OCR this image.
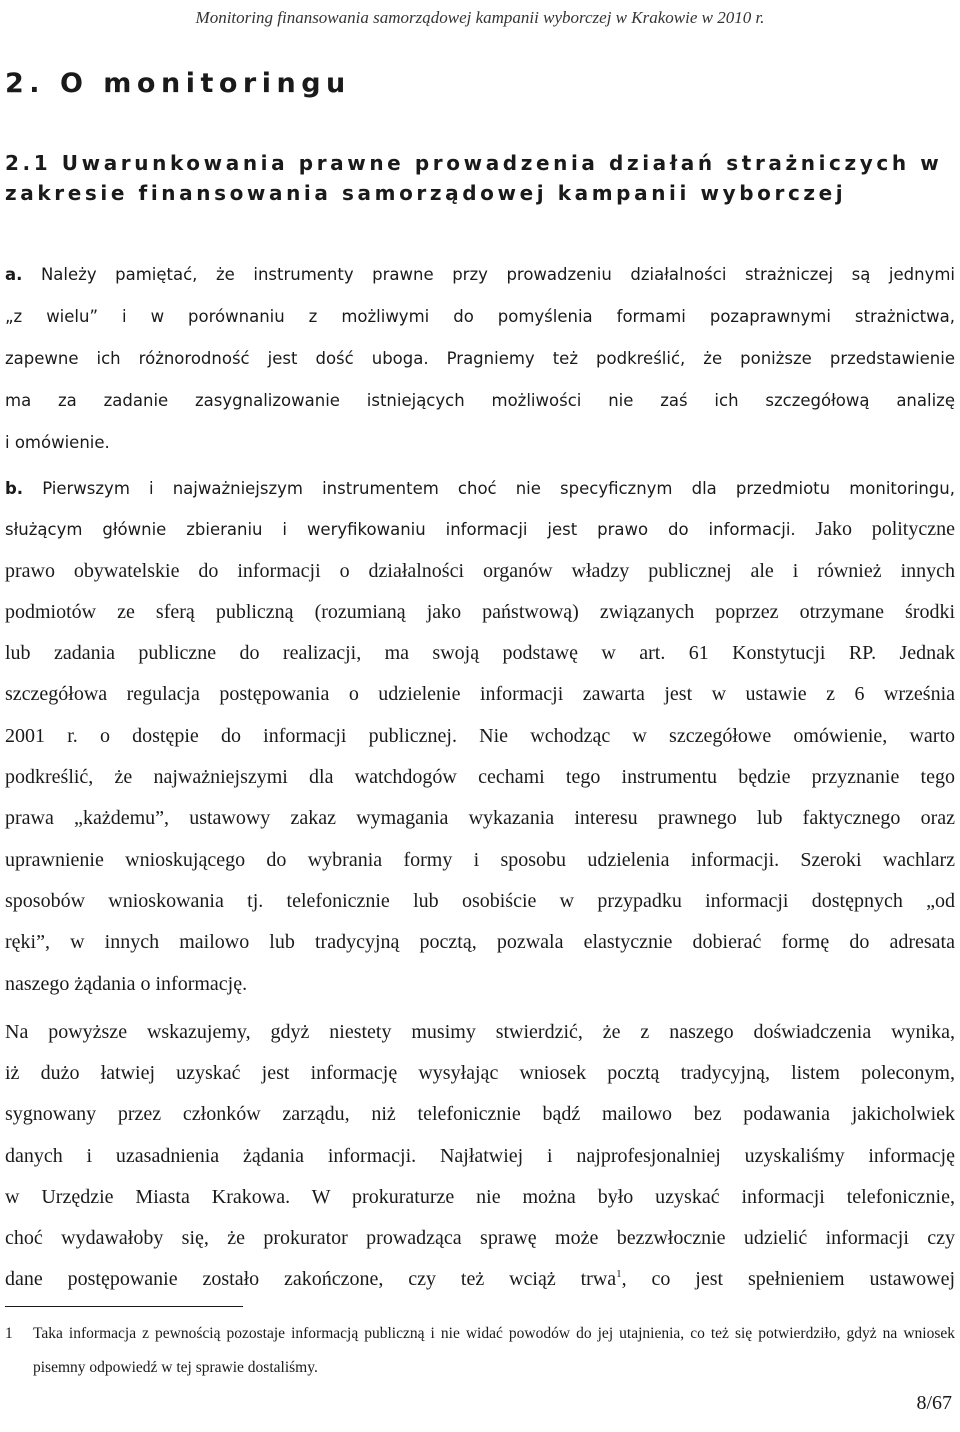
Monitoring finansowania samorządowej kampanii wyborczej w Krakowie w 2010 r.
2. O monitoringu
2.1 Uwarunkowania prawne prowadzenia działań strażniczych w zakresie finansowania samorządowej kampanii wyborczej
a. Należy pamiętać, że instrumenty prawne przy prowadzeniu działalności strażniczej są jednymi
„z wielu” i w porównaniu z możliwymi do pomyślenia formami pozaprawnymi strażnictwa,
zapewne ich różnorodność jest dość uboga. Pragniemy też podkreślić, że poniższe przedstawienie
ma za zadanie zasygnalizowanie istniejących możliwości nie zaś ich szczegółową analizę
i omówienie.
b. Pierwszym i najważniejszym instrumentem choć nie specyficznym dla przedmiotu monitoringu,
służącym głównie zbieraniu i weryfikowaniu informacji jest prawo do informacji. Jako polityczne
prawo obywatelskie do informacji o działalności organów władzy publicznej ale i również innych
podmiotów ze sferą publiczną (rozumianą jako państwową) związanych poprzez otrzymane środki
lub zadania publiczne do realizacji, ma swoją podstawę w art. 61 Konstytucji RP. Jednak
szczegółowa regulacja postępowania o udzielenie informacji zawarta jest w ustawie z 6 września
2001 r. o dostępie do informacji publicznej. Nie wchodząc w szczegółowe omówienie, warto
podkreślić, że najważniejszymi dla watchdogów cechami tego instrumentu będzie przyznanie tego
prawa „każdemu”, ustawowy zakaz wymagania wykazania interesu prawnego lub faktycznego oraz
uprawnienie wnioskującego do wybrania formy i sposobu udzielenia informacji. Szeroki wachlarz
sposobów wnioskowania tj. telefonicznie lub osobiście w przypadku informacji dostępnych „od
ręki”, w innych mailowo lub tradycyjną pocztą, pozwala elastycznie dobierać formę do adresata
naszego żądania o informację.
Na powyższe wskazujemy, gdyż niestety musimy stwierdzić, że z naszego doświadczenia wynika,
iż dużo łatwiej uzyskać jest informację wysyłając wniosek pocztą tradycyjną, listem poleconym,
sygnowany przez członków zarządu, niż telefonicznie bądź mailowo bez podawania jakicholwiek
danych i uzasadnienia żądania informacji. Najłatwiej i najprofesjonalniej uzyskaliśmy informację
w Urzędzie Miasta Krakowa. W prokuraturze nie można było uzyskać informacji telefonicznie,
choć wydawałoby się, że prokurator prowadząca sprawę może bezzwłocznie udzielić informacji czy
dane postępowanie zostało zakończone, czy też wciąż trwa$^1$, co jest spełnieniem ustawowej
1 Taka informacja z pewnością pozostaje informacją publiczną i nie widać powodów do jej utajnienia, co też się potwierdziło, gdyż na wniosek pisemny odpowiedź w tej sprawie dostaliśmy.
8/67
